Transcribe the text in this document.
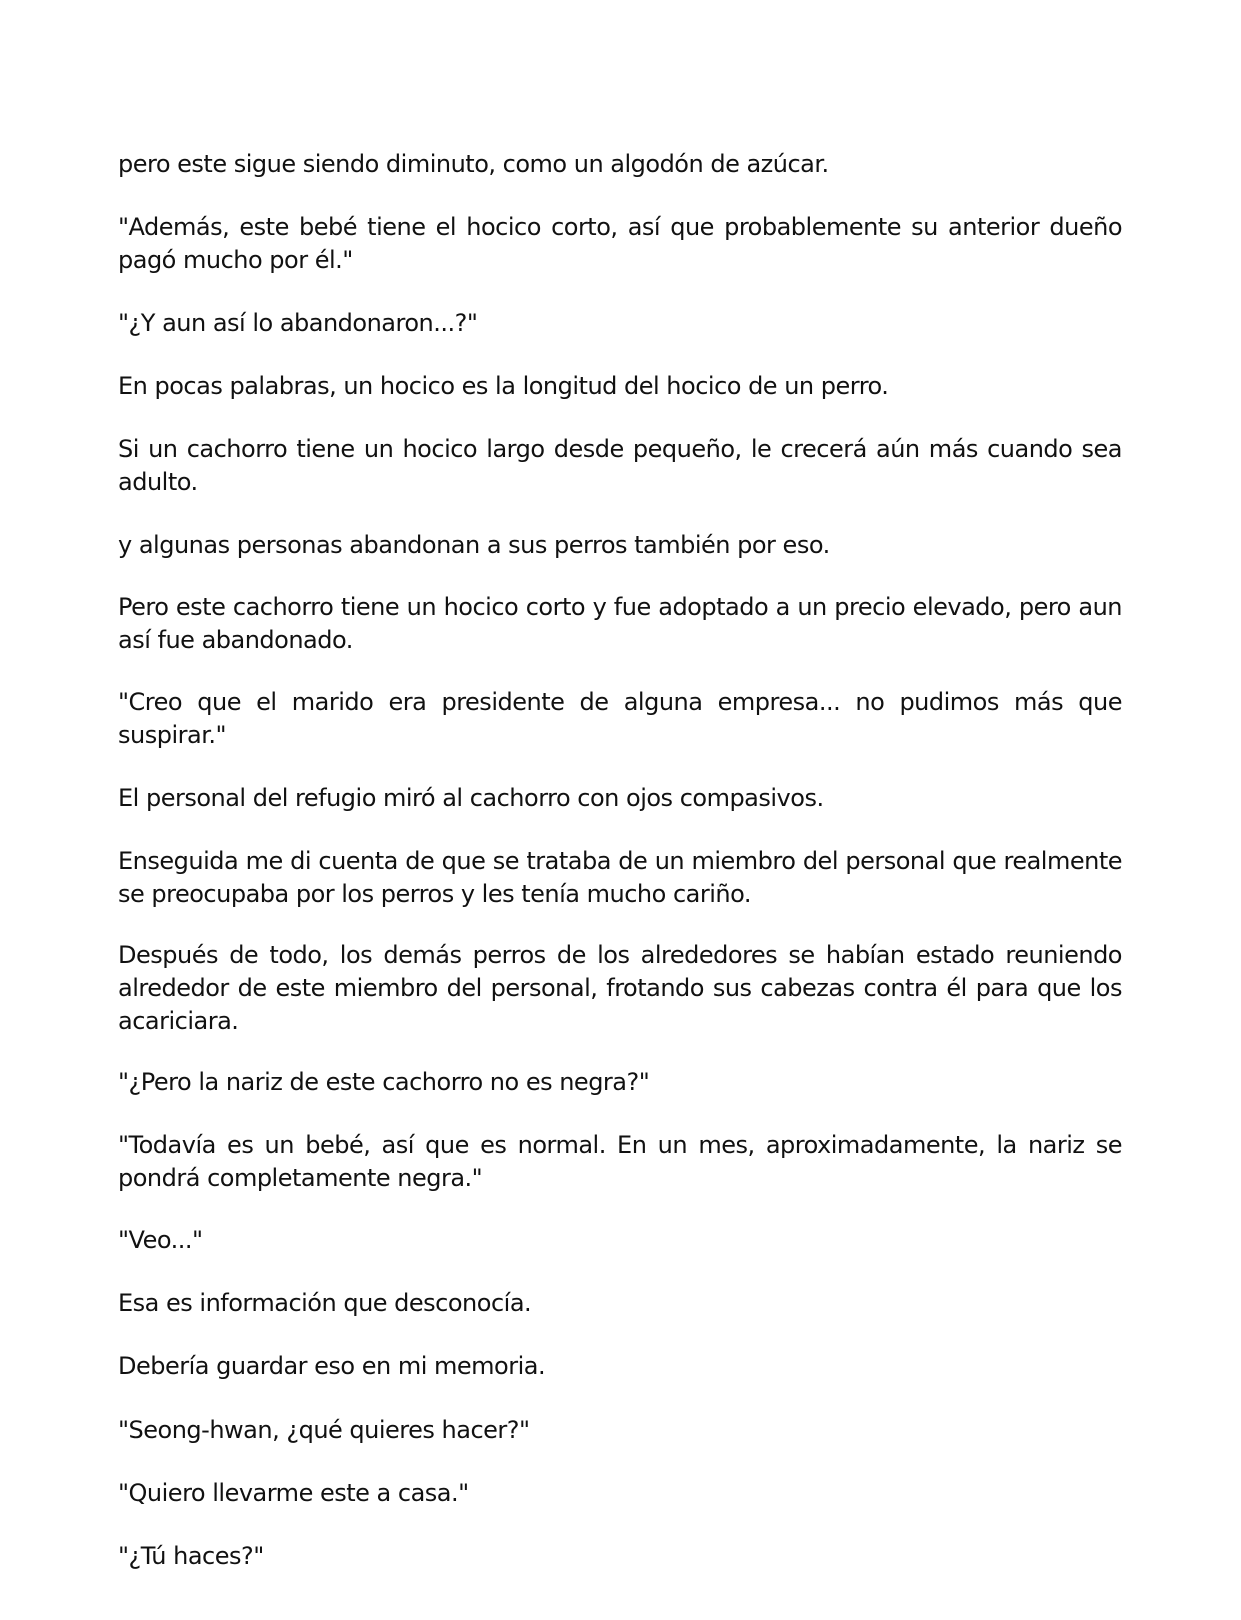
pero este sigue siendo diminuto, como un algodón de azúcar.

"Además, este bebé tiene el hocico corto, así que probablemente su anterior dueño pagó mucho por él."

"¿Y aun así lo abandonaron...?"

En pocas palabras, un hocico es la longitud del hocico de un perro.

Si un cachorro tiene un hocico largo desde pequeño, le crecerá aún más cuando sea adulto.

y algunas personas abandonan a sus perros también por eso.

Pero este cachorro tiene un hocico corto y fue adoptado a un precio elevado, pero aun así fue abandonado.

"Creo que el marido era presidente de alguna empresa... no pudimos más que suspirar."

El personal del refugio miró al cachorro con ojos compasivos.

Enseguida me di cuenta de que se trataba de un miembro del personal que realmente se preocupaba por los perros y les tenía mucho cariño.

Después de todo, los demás perros de los alrededores se habían estado reuniendo alrededor de este miembro del personal, frotando sus cabezas contra él para que los acariciara.

"¿Pero la nariz de este cachorro no es negra?"

"Todavía es un bebé, así que es normal. En un mes, aproximadamente, la nariz se pondrá completamente negra."

"Veo..."

Esa es información que desconocía.

Debería guardar eso en mi memoria.

"Seong-hwan, ¿qué quieres hacer?"

"Quiero llevarme este a casa."

"¿Tú haces?"
